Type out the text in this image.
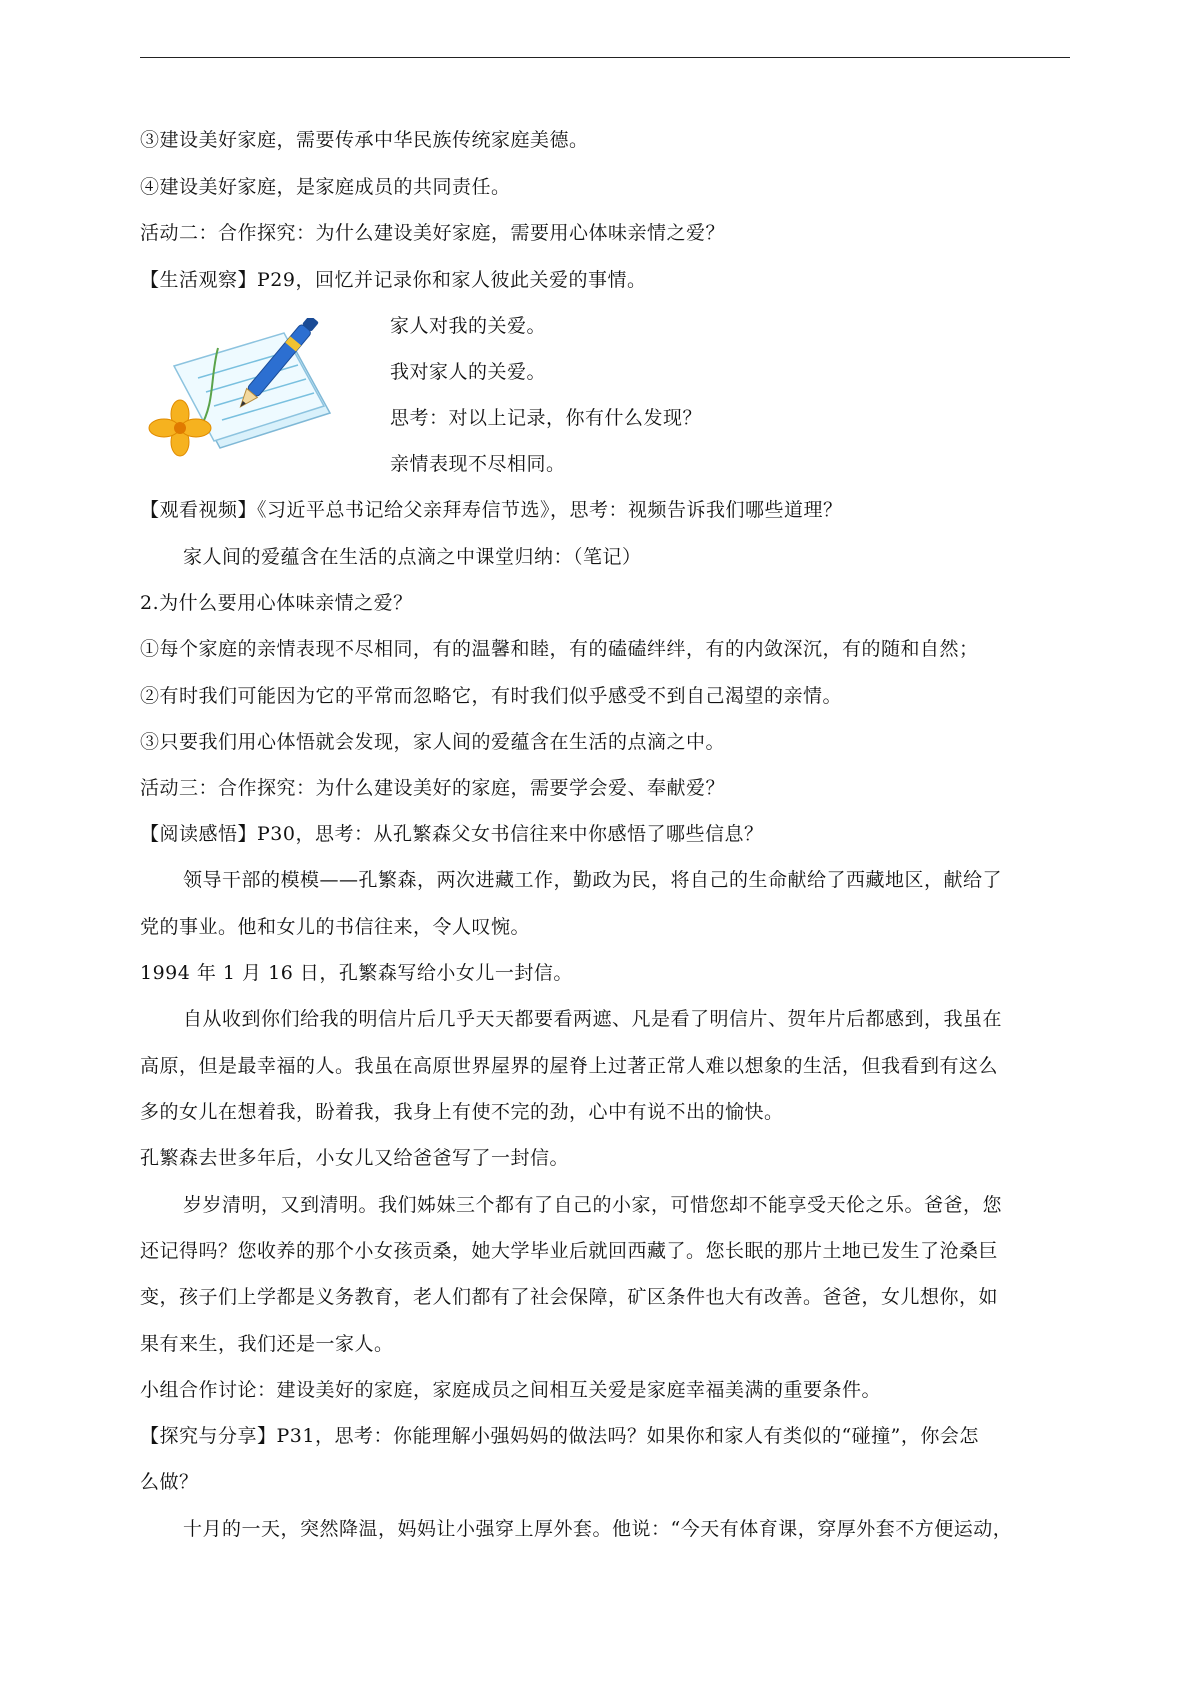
③建设美好家庭，需要传承中华民族传统家庭美德。
④建设美好家庭，是家庭成员的共同责任。
活动二：合作探究：为什么建设美好家庭，需要用心体味亲情之爱？
【生活观察】P29，回忆并记录你和家人彼此关爱的事情。
家人对我的关爱。
我对家人的关爱。
思考：对以上记录，你有什么发现？
亲情表现不尽相同。
【观看视频】《习近平总书记给父亲拜寿信节选》，思考：视频告诉我们哪些道理？
家人间的爱蕴含在生活的点滴之中课堂归纳：（笔记）
2.为什么要用心体味亲情之爱？
①每个家庭的亲情表现不尽相同，有的温馨和睦，有的磕磕绊绊，有的内敛深沉，有的随和自然；
②有时我们可能因为它的平常而忽略它，有时我们似乎感受不到自己渴望的亲情。
③只要我们用心体悟就会发现，家人间的爱蕴含在生活的点滴之中。
活动三：合作探究：为什么建设美好的家庭，需要学会爱、奉献爱？
【阅读感悟】P30，思考：从孔繁森父女书信往来中你感悟了哪些信息？
领导干部的模模——孔繁森，两次进藏工作，勤政为民，将自己的生命献给了西藏地区，献给了
党的事业。他和女儿的书信往来，令人叹惋。
1994 年 1 月 16 日，孔繁森写给小女儿一封信。
自从收到你们给我的明信片后几乎天天都要看两遮、凡是看了明信片、贺年片后都感到，我虽在
高原，但是最幸福的人。我虽在高原世界屋界的屋脊上过著正常人难以想象的生活，但我看到有这么
多的女儿在想着我，盼着我，我身上有使不完的劲，心中有说不出的愉快。
孔繁森去世多年后，小女儿又给爸爸写了一封信。
岁岁清明，又到清明。我们姊妹三个都有了自己的小家，可惜您却不能享受天伦之乐。爸爸，您
还记得吗？您收养的那个小女孩贡桑，她大学毕业后就回西藏了。您长眠的那片土地已发生了沧桑巨
变，孩子们上学都是义务教育，老人们都有了社会保障，矿区条件也大有改善。爸爸，女儿想你，如
果有来生，我们还是一家人。
小组合作讨论：建设美好的家庭，家庭成员之间相互关爱是家庭幸福美满的重要条件。
【探究与分享】P31，思考：你能理解小强妈妈的做法吗？如果你和家人有类似的“碰撞”，你会怎
么做？
十月的一天，突然降温，妈妈让小强穿上厚外套。他说：“今天有体育课，穿厚外套不方便运动，
